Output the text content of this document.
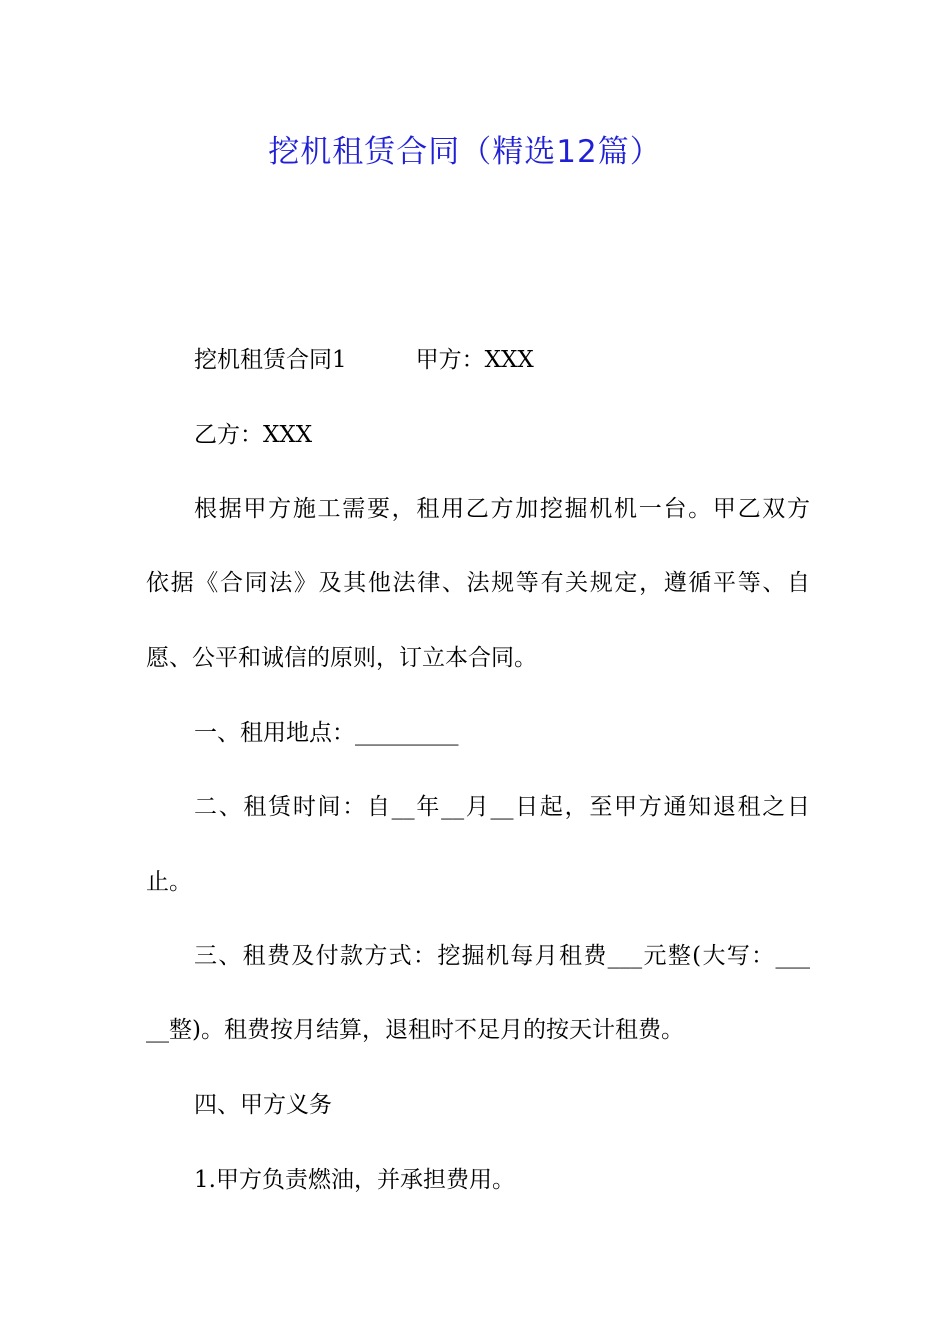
挖机租赁合同（精选12篇）
挖机租赁合同1　　　甲方：XXX
乙方：XXX
根据甲方施工需要，租用乙方加挖掘机机一台。甲乙双方
依据《合同法》及其他法律、法规等有关规定，遵循平等、自
愿、公平和诚信的原则，订立本合同。
一、租用地点：_________
二、租赁时间：自__年__月__日起，至甲方通知退租之日
止。
三、租费及付款方式：挖掘机每月租费___元整(大写：___
__整)。租费按月结算，退租时不足月的按天计租费。
四、甲方义务
1.甲方负责燃油，并承担费用。
